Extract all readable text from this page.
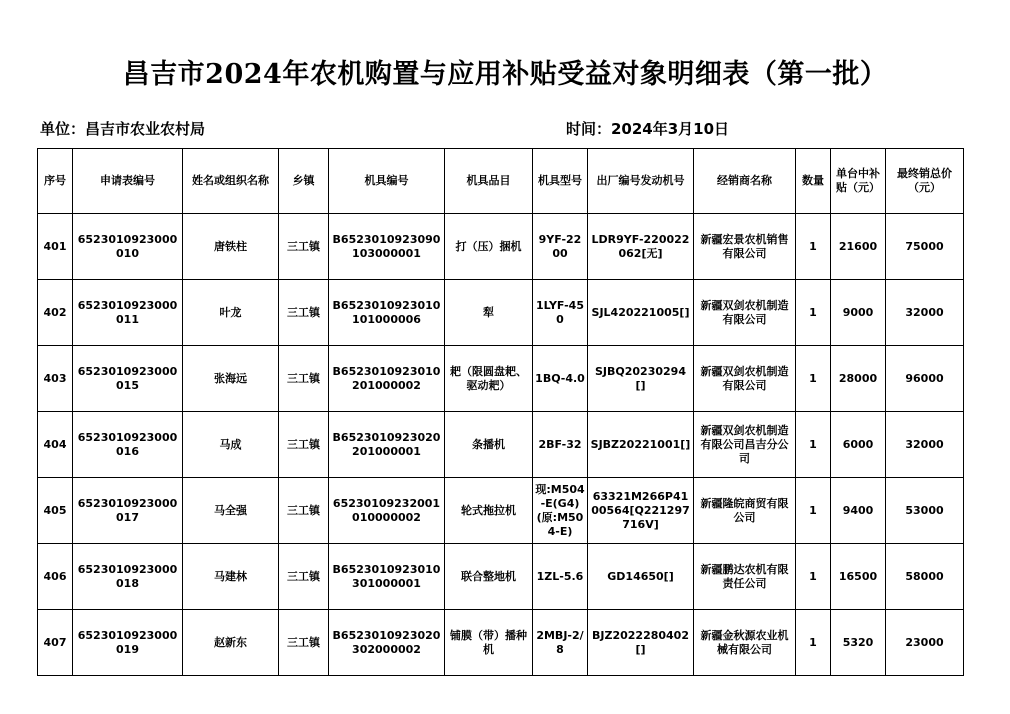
昌吉市2024年农机购置与应用补贴受益对象明细表（第一批）
单位：昌吉市农业农村局	时间：2024年3月10日
序号	申请表编号	姓名或组织名称	乡镇	机具编号	机具品目	机具型号	出厂编号发动机号	经销商名称	数量	单台中补贴（元）	最终销总价（元）
401	6523010923000010	唐铁柱	三工镇	B6523010923090103000001	打（压）捆机	9YF-2200	LDR9YF-220022062[无]	新疆宏景农机销售有限公司	1	21600	75000
402	6523010923000011	叶龙	三工镇	B6523010923010101000006	犁	1LYF-450	SJL420221005[]	新疆双剑农机制造有限公司	1	9000	32000
403	6523010923000015	张海远	三工镇	B6523010923010201000002	耙（限圆盘耙、驱动耙）	1BQ-4.0	SJBQ20230294[]	新疆双剑农机制造有限公司	1	28000	96000
404	6523010923000016	马成	三工镇	B6523010923020201000001	条播机	2BF-32	SJBZ20221001[]	新疆双剑农机制造有限公司昌吉分公司	1	6000	32000
405	6523010923000017	马全强	三工镇	65230109232001010000002	轮式拖拉机	现:M504-E(G4)(原:M504-E)	63321M266P4100564[Q221297716V]	新疆隆皖商贸有限公司	1	9400	53000
406	6523010923000018	马建林	三工镇	B6523010923010301000001	联合整地机	1ZL-5.6	GD14650[]	新疆鹏达农机有限责任公司	1	16500	58000
407	6523010923000019	赵新东	三工镇	B6523010923020302000002	铺膜（带）播种机	2MBJ-2/8	BJZ2022280402[]	新疆金秋源农业机械有限公司	1	5320	23000
